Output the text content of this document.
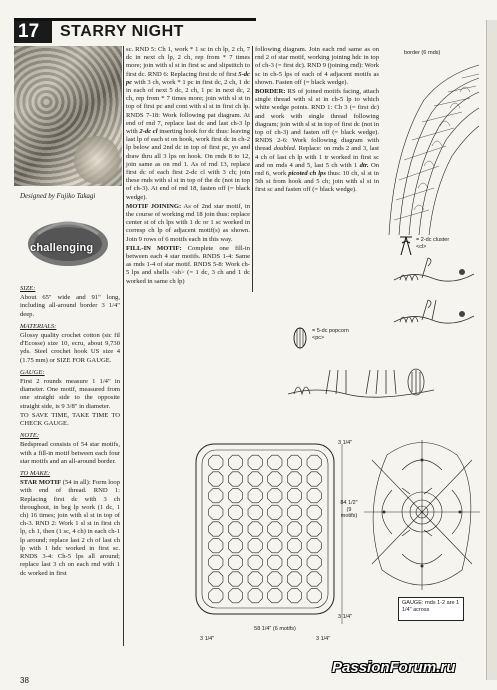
17	STARRY NIGHT
Designed by Fujiko Takagi
challenging

SIZE:

About 65" wide and 91" long, including all-around border 3 1/4" deep.

MATERIALS:

Glossy quality crochet cotton (sic fil d'Ecosse) size 10, ecru, about 9,730 yds. Steel crochet hook US size 4 (1.75 mm) or SIZE FOR GAUGE.

GAUGE:

First 2 rounds measure 1 1/4" in diameter. One motif, measured from one straight side to the opposite straight side, is 9 3/8" in diameter.

TO SAVE TIME, TAKE TIME TO CHECK GAUGE.

NOTE:

Bedspread consists of 54 star motifs, with a fill-in motif between each four star motifs and an all-around border.

TO MAKE:

STAR MOTIF (54 in all): Form loop with end of thread. RND 1: Replacing first dc with 3 ch throughout, in beg lp work (1 dc, 1 ch) 16 times; join with sl st in top of ch-3. RND 2: Work 1 sl st in first ch lp, ch 1, then (1 sc, 4 ch) in each ch-1 lp around; replace last 2 ch of last ch lp with 1 hdc worked in first sc. RNDS 3-4: Ch-5 lps all around; replace last 3 ch on each rnd with 1 dc worked in first

sc. RND 5: Ch 1, work * 1 sc in ch lp, 2 ch, 7 dc in next ch lp, 2 ch, rep from * 7 times more; join with sl st in first sc and slipstitch to first dc. RND 6: Replacing first dc of first 5-dc pc with 3 ch, work * 1 pc in first dc, 2 ch, 1 dc in each of next 5 dc, 2 ch, 1 pc in next dc, 2 ch, rep from * 7 times more; join with sl st in top of first pc and cont with sl st in first ch lp. RNDS 7-18: Work following pat diagram. At end of rnd 7, replace last dc and last ch-3 lp with 2-dc cl inserting hook for dc thus: leaving last lp of each st on hook, work first dc in ch-2 lp below and 2nd dc in top of first pc, yo and draw thru all 3 lps on hook. On rnds 8 to 12, join same as on rnd 1. As of rnd 13, replace first dc of each first 2-dc cl with 3 ch; join these rnds with sl st in top of the dc (not in top of ch-3). At end of rnd 18, fasten off (= black wedge).

MOTIF JOINING: As of 2nd star motif, in the course of working rnd 18 join thus: replace center st of ch lps with 1 dc or 1 sc worked in corresp ch lp of adjacent motif(s) as shown. Join 9 rows of 6 motifs each in this way.

FILL-IN MOTIF: Complete one fill-in between each 4 star motifs. RNDS 1-4: Same as rnds 1-4 of star motif. RNDS 5-8: Work ch-5 lps and shells <sh> (= 1 dc, 3 ch and 1 dc worked in same ch lp)

following diagram. Join each rnd same as on rnd 2 of star motif, working joining hdc in top of ch-3 (= first dc). RND 9 (joining rnd): Work sc in ch-5 lps of each of 4 adjacent motifs as shown. Fasten off (= black wedge).

BORDER: RS of joined motifs facing, attach single thread with sl st in ch-5 lp to which white wedge points. RND 1: Ch 3 (= first dc) and work with single thread following diagram; join with sl st in top of first dc (not in top of ch-3) and fasten off (= black wedge). RNDS 2-6: Work following diagram with thread doubled. Replace: on rnds 2 and 3, last 4 ch of last ch lp with 1 tr worked in first sc and on rnds 4 and 5, last 5 ch with 1 dtr. On rnd 6, work picoted ch lps thus: 10 ch, sl st in 5th st from hook and 5 ch; join with sl st in first sc and fasten off (= black wedge).

border (6 rnds)
= 2-dc cluster <cl>
= 5-dc popcorn <pc>
3 1/4"
84 1/2" (9 motifs)
3 1/4"
58 1/4" (6 motifs)
3 1/4"	3 1/4"
GAUGE: rnds 1-2 are 1 1/4" across
38
PassionForum.ru
